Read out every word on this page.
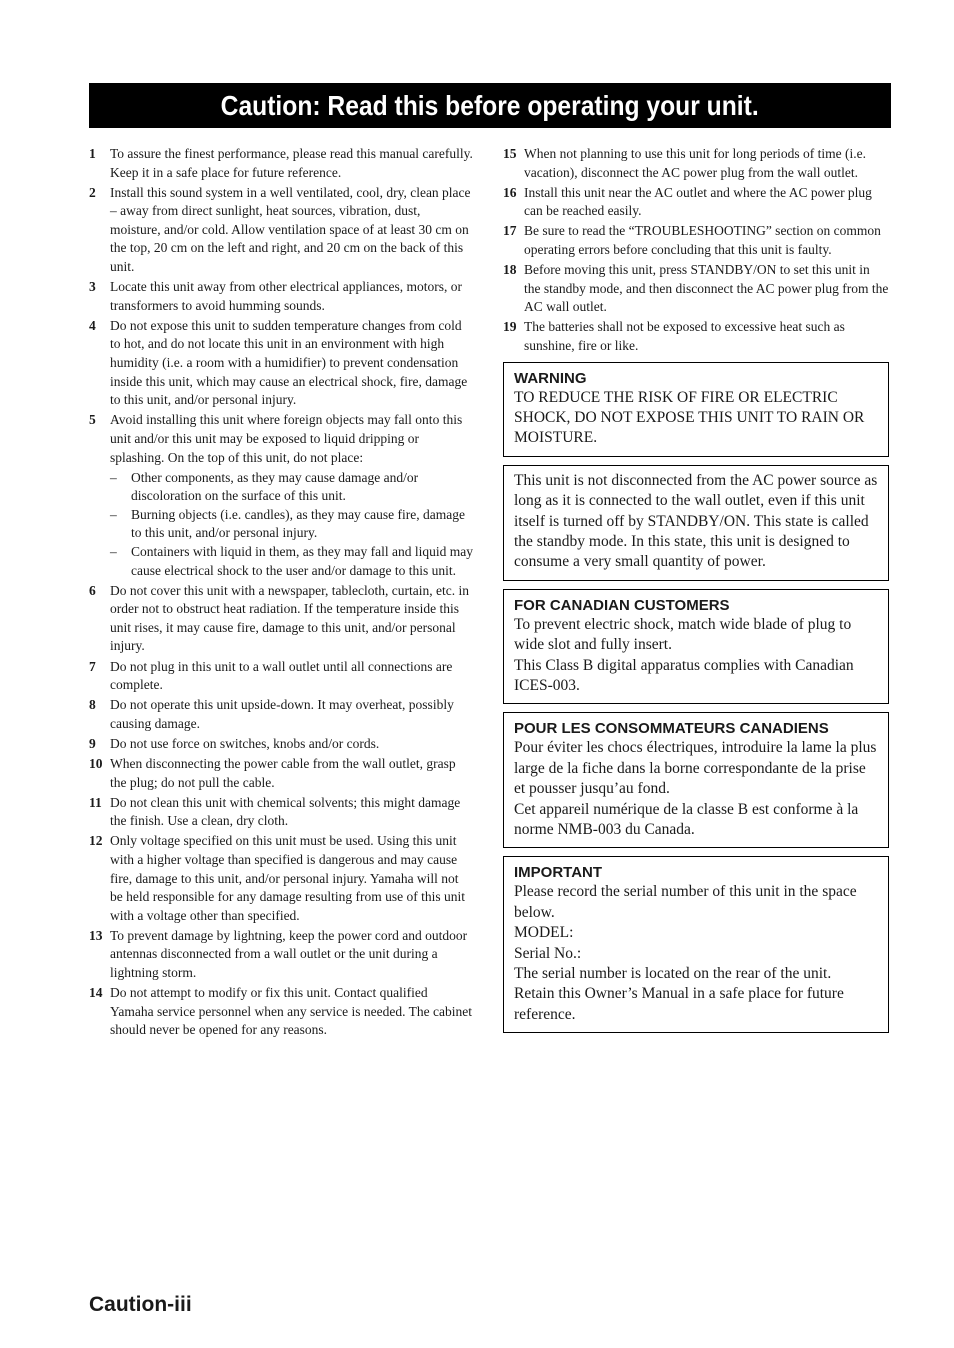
Caution: Read this before operating your unit.
1	To assure the finest performance, please read this manual carefully. Keep it in a safe place for future reference.
2	Install this sound system in a well ventilated, cool, dry, clean place – away from direct sunlight, heat sources, vibration, dust, moisture, and/or cold. Allow ventilation space of at least 30 cm on the top, 20 cm on the left and right, and 20 cm on the back of this unit.
3	Locate this unit away from other electrical appliances, motors, or transformers to avoid humming sounds.
4	Do not expose this unit to sudden temperature changes from cold to hot, and do not locate this unit in an environment with high humidity (i.e. a room with a humidifier) to prevent condensation inside this unit, which may cause an electrical shock, fire, damage to this unit, and/or personal injury.
5	Avoid installing this unit where foreign objects may fall onto this unit and/or this unit may be exposed to liquid dripping or splashing. On the top of this unit, do not place:
–	Other components, as they may cause damage and/or discoloration on the surface of this unit.
–	Burning objects (i.e. candles), as they may cause fire, damage to this unit, and/or personal injury.
–	Containers with liquid in them, as they may fall and liquid may cause electrical shock to the user and/or damage to this unit.
6	Do not cover this unit with a newspaper, tablecloth, curtain, etc. in order not to obstruct heat radiation. If the temperature inside this unit rises, it may cause fire, damage to this unit, and/or personal injury.
7	Do not plug in this unit to a wall outlet until all connections are complete.
8	Do not operate this unit upside-down. It may overheat, possibly causing damage.
9	Do not use force on switches, knobs and/or cords.
10 When disconnecting the power cable from the wall outlet, grasp the plug; do not pull the cable.
11 Do not clean this unit with chemical solvents; this might damage the finish. Use a clean, dry cloth.
12 Only voltage specified on this unit must be used. Using this unit with a higher voltage than specified is dangerous and may cause fire, damage to this unit, and/or personal injury. Yamaha will not be held responsible for any damage resulting from use of this unit with a voltage other than specified.
13 To prevent damage by lightning, keep the power cord and outdoor antennas disconnected from a wall outlet or the unit during a lightning storm.
14 Do not attempt to modify or fix this unit. Contact qualified Yamaha service personnel when any service is needed. The cabinet should never be opened for any reasons.
15 When not planning to use this unit for long periods of time (i.e. vacation), disconnect the AC power plug from the wall outlet.
16 Install this unit near the AC outlet and where the AC power plug can be reached easily.
17 Be sure to read the “TROUBLESHOOTING” section on common operating errors before concluding that this unit is faulty.
18 Before moving this unit, press STANDBY/ON to set this unit in the standby mode, and then disconnect the AC power plug from the AC wall outlet.
19 The batteries shall not be exposed to excessive heat such as sunshine, fire or like.
WARNING
TO REDUCE THE RISK OF FIRE OR ELECTRIC SHOCK, DO NOT EXPOSE THIS UNIT TO RAIN OR MOISTURE.
This unit is not disconnected from the AC power source as long as it is connected to the wall outlet, even if this unit itself is turned off by STANDBY/ON. This state is called the standby mode. In this state, this unit is designed to consume a very small quantity of power.
FOR CANADIAN CUSTOMERS
To prevent electric shock, match wide blade of plug to wide slot and fully insert.
This Class B digital apparatus complies with Canadian ICES-003.
POUR LES CONSOMMATEURS CANADIENS
Pour éviter les chocs électriques, introduire la lame la plus large de la fiche dans la borne correspondante de la prise et pousser jusqu’au fond.
Cet appareil numérique de la classe B est conforme à la norme NMB-003 du Canada.
IMPORTANT
Please record the serial number of this unit in the space below.
MODEL:
Serial No.:
The serial number is located on the rear of the unit.
Retain this Owner’s Manual in a safe place for future reference.
Caution-iii
